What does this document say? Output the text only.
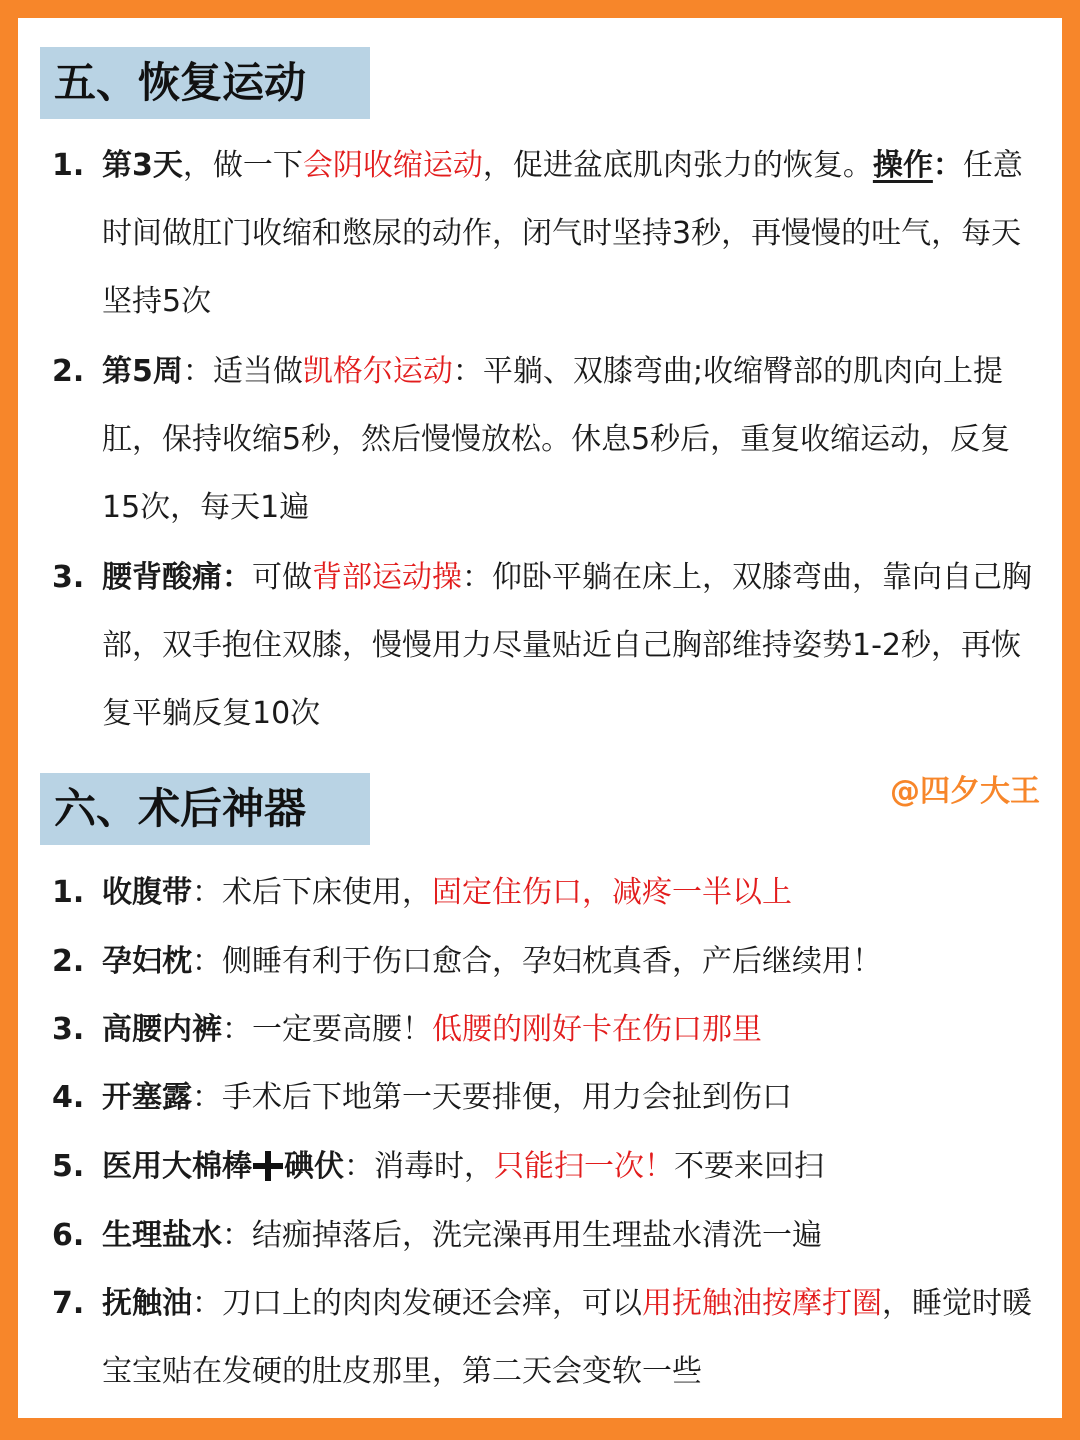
五、恢复运动
1. 第3天，做一下会阴收缩运动，促进盆底肌肉张力的恢复。操作：任意时间做肛门收缩和憋尿的动作，闭气时坚持3秒，再慢慢的吐气，每天坚持5次
2. 第5周：适当做凯格尔运动：平躺、双膝弯曲;收缩臀部的肌肉向上提肛，保持收缩5秒，然后慢慢放松。休息5秒后，重复收缩运动，反复15次，每天1遍
3. 腰背酸痛：可做背部运动操：仰卧平躺在床上，双膝弯曲，靠向自己胸部，双手抱住双膝，慢慢用力尽量贴近自己胸部维持姿势1-2秒，再恢复平躺反复10次
@四夕大王
六、术后神器
1. 收腹带：术后下床使用，固定住伤口，减疼一半以上
2. 孕妇枕：侧睡有利于伤口愈合，孕妇枕真香，产后继续用！
3. 高腰内裤：一定要高腰！低腰的刚好卡在伤口那里
4. 开塞露：手术后下地第一天要排便，用力会扯到伤口
5. 医用大棉棒 碘伏：消毒时，只能扫一次！不要来回扫
6. 生理盐水：结痂掉落后，洗完澡再用生理盐水清洗一遍
7. 抚触油：刀口上的肉肉发硬还会痒，可以用抚触油按摩打圈，睡觉时暖宝宝贴在发硬的肚皮那里，第二天会变软一些
